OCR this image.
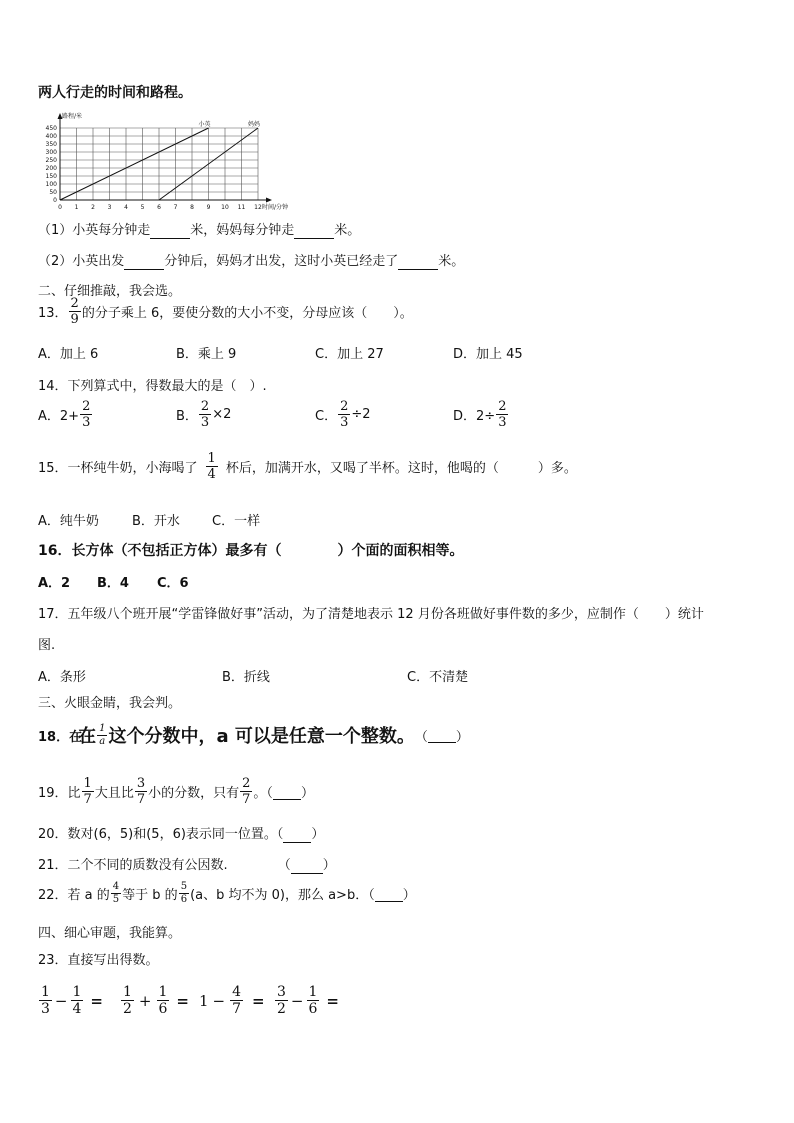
两人行走的时间和路程。
0 1 2 3 4 5 6 7 8 9 10 11 12
0
50
100
150
200
250
300
350
400
450
路程/米
时间/分钟
小英	妈妈
（1）小英每分钟走	米，妈妈每分钟走	米。
（2）小英出发	分钟后，妈妈才出发，这时小英已经走了	米。
二、仔细推敲，我会选。
13． $\frac{2}{9}$ 的分子乘上 6，要使分数的大小不变，分母应该（　　）。
A．加上 6	B．乘上 9	C．加上 27	D．加上 45
14．下列算式中，得数最大的是（　）.
A．$2+ \frac{2}{3}$	B． $\frac{2}{3} \times 2$	C． $\frac{2}{3} \div 2$	D．$2\div \frac{2}{3}$
15．一杯纯牛奶，小海喝了 $\frac{1}{4}$ 杯后，加满开水，又喝了半杯。这时，他喝的（　　　）多。
A．纯牛奶	B．开水 C．一样
16．长方体（不包括正方体）最多有（　　　　）个面的面积相等。
A．2 B．4 C．6
17．五年级八个班开展“学雷锋做好事”活动，为了清楚地表示 12 月份各班做好事件数的多少，应制作（　　）统计
图.
A．条形	B．折线	C．不清楚
三、火眼金睛，我会判。
18．在
在 $\frac{1}{a}$ 这个分数中，a 可以是任意一个整数。 （
）
19．比 $\frac{1}{7}$ 大且比 $\frac{3}{7}$ 小的分数，只有 $\frac{2}{7}$ 。（
）
20．数对(6，5)和(5，6)表示同一位置。（ ）
21．二个不同的质数没有公因数.	（ ）
22．若 a 的 $\frac{4}{5}$ 等于 b 的 $\frac{5}{6} (a$、b 均不为 0)，那么 a>b．（
）
四、细心审题，我能算。
23．直接写出得数。
$\frac{1}{3} - \frac{1}{4} = \frac{1}{2} + \frac{1}{6} = 1 - \frac{4}{7} = \frac{3}{2} - \frac{1}{6}$ =
